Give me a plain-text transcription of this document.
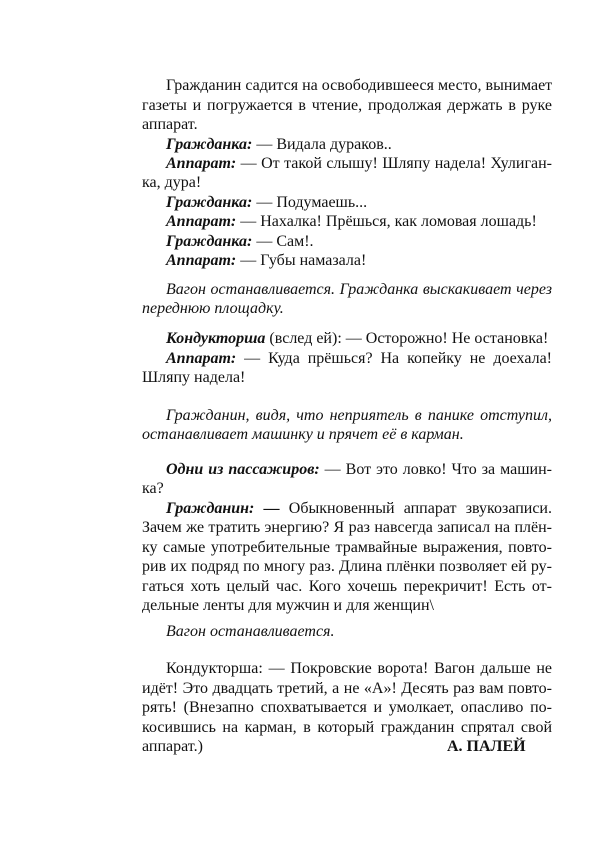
Гражданин садится на освободившееся место, вынимает
газеты и погружается в чтение, продолжая держать в руке
аппарат.
Гражданка: — Видала дураков..
Аппарат: — От такой слышу! Шляпу надела! Хулиган-
ка, дура!
Гражданка: — Подумаешь...
Аппарат: — Нахалка! Прёшься, как ломовая лошадь!
Гражданка: — Сам!.
Аппарат: — Губы намазала!
Вагон останавливается. Гражданка выскакивает через
переднюю площадку.
Кондукторша (вслед ей): — Осторожно! Не остановка!
Аппарат: — Куда прёшься? На копейку не доехала!
Шляпу надела!
Гражданин, видя, что неприятель в панике отступил,
останавливает машинку и прячет её в карман.
Одни из пассажиров: — Вот это ловко! Что за машин-
ка?
Гражданин: — Обыкновенный аппарат звукозаписи.
Зачем же тратить энергию? Я раз навсегда записал на плён-
ку самые употребительные трамвайные выражения, повто-
рив их подряд по многу раз. Длина плёнки позволяет ей ру-
гаться хоть целый час. Кого хочешь перекричит! Есть от-
дельные ленты для мужчин и для женщин\
Вагон останавливается.
Кондукторша: — Покровские ворота! Вагон дальше не
идёт! Это двадцать третий, а не «А»! Десять раз вам повто-
рять! (Внезапно спохватывается и умолкает, опасливо по-
косившись на карман, в который гражданин спрятал свой
аппарат.)	А. ПАЛЕЙ
